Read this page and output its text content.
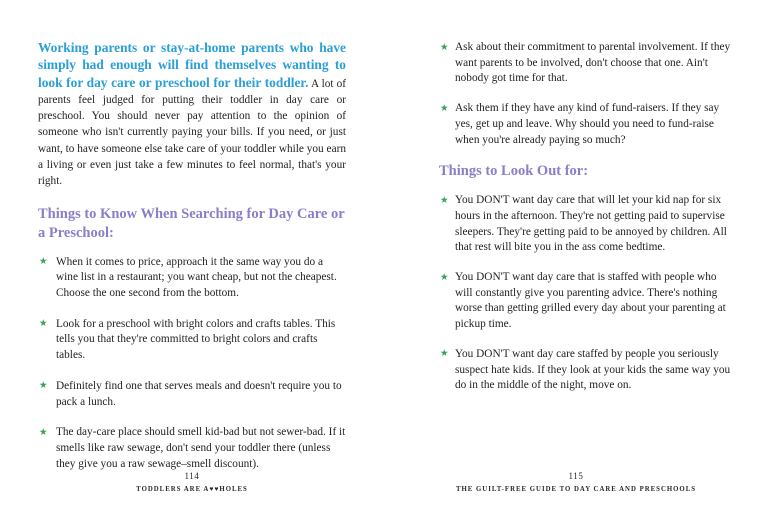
Working parents or stay-at-home parents who have simply had enough will find themselves wanting to look for day care or preschool for their toddler. A lot of parents feel judged for putting their toddler in day care or preschool. You should never pay attention to the opinion of someone who isn't currently paying your bills. If you need, or just want, to have someone else take care of your toddler while you earn a living or even just take a few minutes to feel normal, that's your right.

Things to Know When Searching for Day Care or a Preschool:
★ When it comes to price, approach it the same way you do a wine list in a restaurant; you want cheap, but not the cheapest. Choose the one second from the bottom.
★ Look for a preschool with bright colors and crafts tables. This tells you that they're committed to bright colors and crafts tables.
★ Definitely find one that serves meals and doesn't require you to pack a lunch.
★ The day-care place should smell kid-bad but not sewer-bad. If it smells like raw sewage, don't send your toddler there (unless they give you a raw sewage–smell discount).
★ Ask about their commitment to parental involvement. If they want parents to be involved, don't choose that one. Ain't nobody got time for that.
★ Ask them if they have any kind of fund-raisers. If they say yes, get up and leave. Why should you need to fund-raise when you're already paying so much?
Things to Look Out for:
★ You DON'T want day care that will let your kid nap for six hours in the afternoon. They're not getting paid to supervise sleepers. They're getting paid to be annoyed by children. All that rest will bite you in the ass come bedtime.
★ You DON'T want day care that is staffed with people who will constantly give you parenting advice. There's nothing worse than getting grilled every day about your parenting at pickup time.
★ You DON'T want day care staffed by people you seriously suspect hate kids. If they look at your kids the same way you do in the middle of the night, move on.
114
TODDLERS ARE A♥♥HOLES
115
THE GUILT-FREE GUIDE TO DAY CARE AND PRESCHOOLS
